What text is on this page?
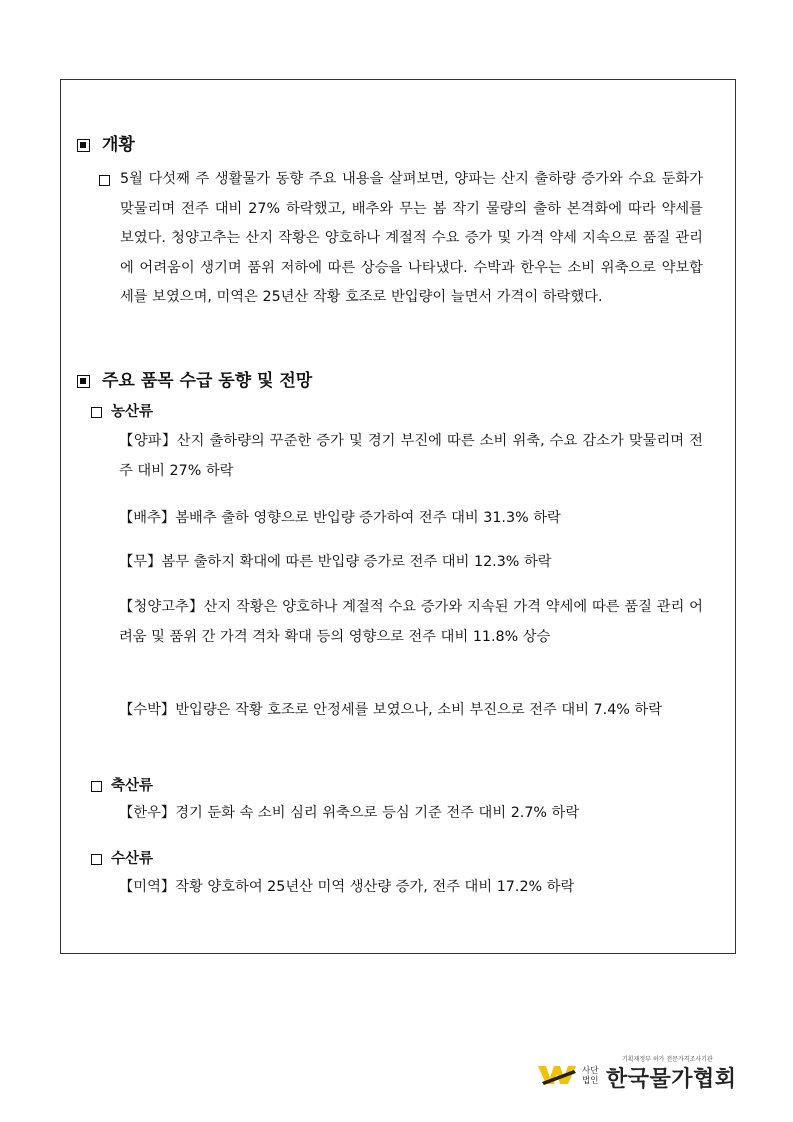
개황
5월 다섯째 주 생활물가 동향 주요 내용을 살펴보면, 양파는 산지 출하량 증가와 수요 둔화가 맞물리며 전주 대비 27% 하락했고, 배추와 무는 봄 작기 물량의 출하 본격화에 따라 약세를 보였다. 청양고추는 산지 작황은 양호하나 계절적 수요 증가 및 가격 약세 지속으로 품질 관리에 어려움이 생기며 품위 저하에 따른 상승을 나타냈다. 수박과 한우는 소비 위축으로 약보합세를 보였으며, 미역은 25년산 작황 호조로 반입량이 늘면서 가격이 하락했다.
주요 품목 수급 동향 및 전망
농산류
【양파】산지 출하량의 꾸준한 증가 및 경기 부진에 따른 소비 위축, 수요 감소가 맞물리며 전주 대비 27% 하락
【배추】봄배추 출하 영향으로 반입량 증가하여 전주 대비 31.3% 하락
【무】봄무 출하지 확대에 따른 반입량 증가로 전주 대비 12.3% 하락
【청양고추】산지 작황은 양호하나 계절적 수요 증가와 지속된 가격 약세에 따른 품질 관리 어려움 및 품위 간 가격 격차 확대 등의 영향으로 전주 대비 11.8% 상승
【수박】반입량은 작황 호조로 안정세를 보였으나, 소비 부진으로 전주 대비 7.4% 하락
축산류
【한우】경기 둔화 속 소비 심리 위축으로 등심 기준 전주 대비 2.7% 하락
수산류
【미역】작황 양호하여 25년산 미역 생산량 증가, 전주 대비 17.2% 하락
기획재정부 허가 전문가격조사기관
사단
법인 한국물가협회
